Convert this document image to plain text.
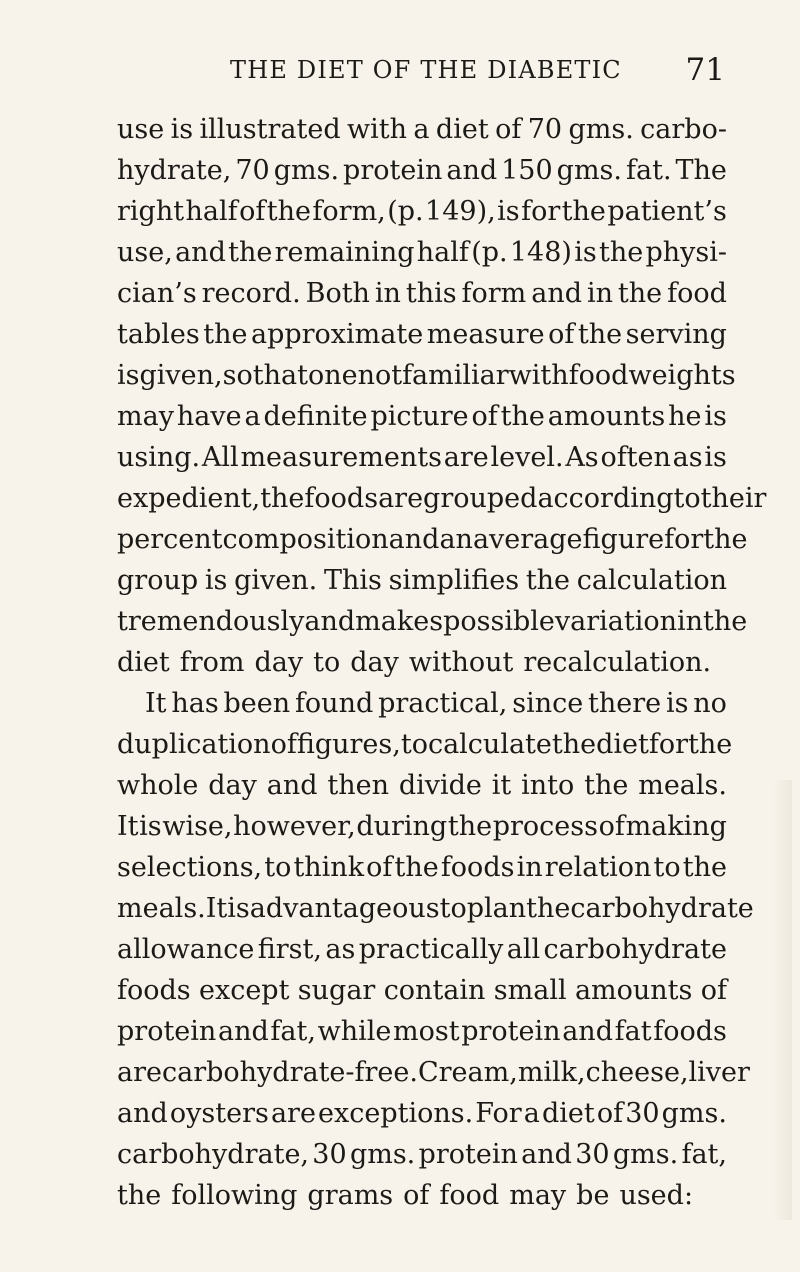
THE DIET OF THE DIABETIC 71
use is illustrated with a diet of 70 gms. carbo-
hydrate, 70 gms. protein and 150 gms. fat. The
right half of the form, (p. 149), is for the patient’s
use, and the remaining half (p. 148) is the physi-
cian’s record. Both in this form and in the food
tables the approximate measure of the serving
is given, so that one not familiar with food weights
may have a definite picture of the amounts he is
using. All measurements are level. As often as is
expedient, the foods are grouped according to their
per cent composition and an average figure for the
group is given. This simplifies the calculation
tremendously and makes possible variation in the
diet from day to day without recalculation.
It has been found practical, since there is no
duplication of figures, to calculate the diet for the
whole day and then divide it into the meals.
It is wise, however, during the process of making
selections, to think of the foods in relation to the
meals. It is advantageous to plan the carbohydrate
allowance first, as practically all carbohydrate
foods except sugar contain small amounts of
protein and fat, while most protein and fat foods
are carbohydrate-free. Cream, milk, cheese, liver
and oysters are exceptions. For a diet of 30 gms.
carbohydrate, 30 gms. protein and 30 gms. fat,
the following grams of food may be used:
